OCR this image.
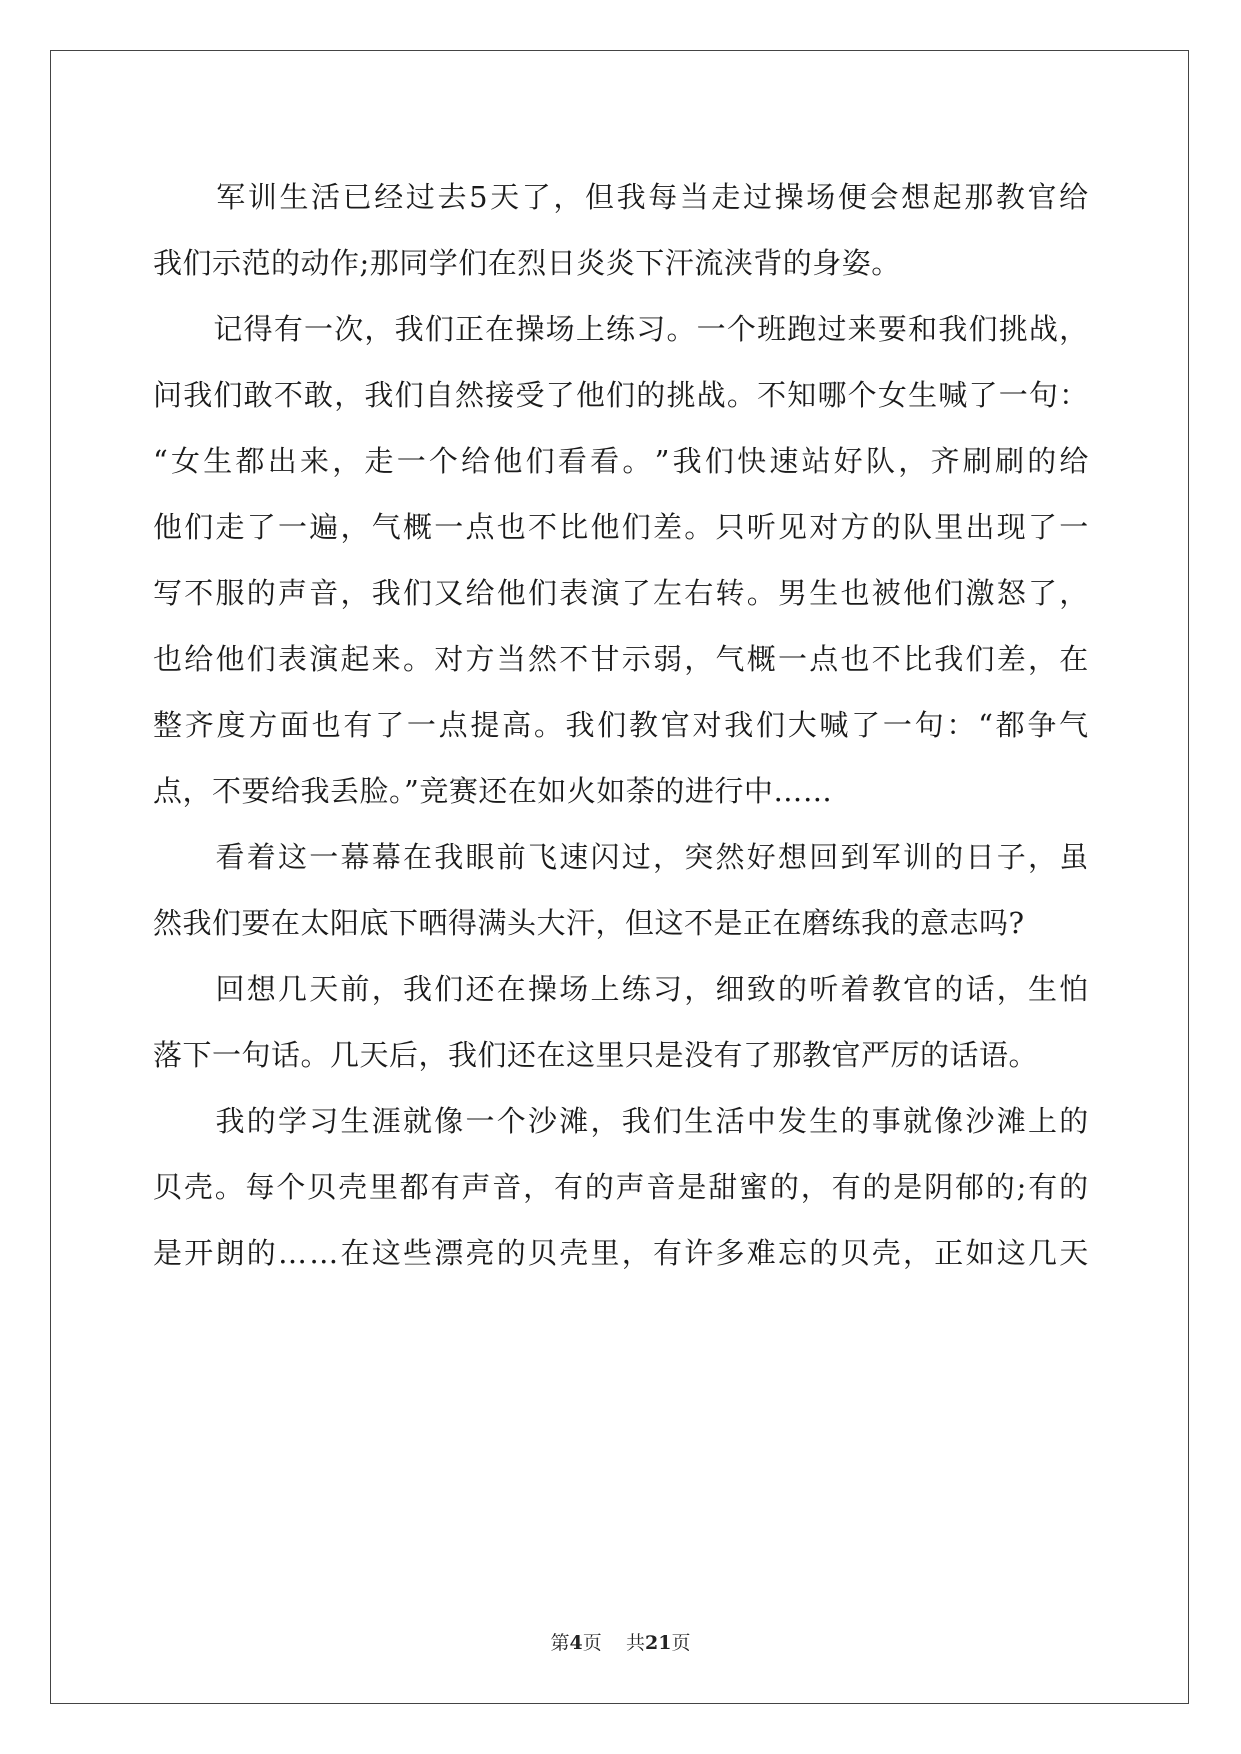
军 训 生 活 已 经 过 去 5 天 了 ， 但 我 每 当 走 过 操 场 便 会 想 起 那 教 官 给
我们示范的动作;那同学们在烈日炎炎下汗流浃背的身姿。

记 得 有 一 次 ， 我 们 正 在 操 场 上 练 习 。 一 个 班 跑 过 来 要 和 我 们 挑 战 ，
问 我 们 敢 不 敢 ， 我 们 自 然 接 受 了 他 们 的 挑 战 。 不 知 哪 个 女 生 喊 了 一 句 ：
“ 女 生 都 出 来 ， 走 一 个 给 他 们 看 看 。 ” 我 们 快 速 站 好 队 ， 齐 刷 刷 的 给
他 们 走 了 一 遍 ， 气 概 一 点 也 不 比 他 们 差 。 只 听 见 对 方 的 队 里 出 现 了 一
写 不 服 的 声 音 ， 我 们 又 给 他 们 表 演 了 左 右 转 。 男 生 也 被 他 们 激 怒 了 ，
也 给 他 们 表 演 起 来 。 对 方 当 然 不 甘 示 弱 ， 气 概 一 点 也 不 比 我 们 差 ， 在
整 齐 度 方 面 也 有 了 一 点 提 高 。 我 们 教 官 对 我 们 大 喊 了 一 句 ： “ 都 争 气
点，不要给我丢脸。”竞赛还在如火如荼的进行中……

看 着 这 一 幕 幕 在 我 眼 前 飞 速 闪 过 ， 突 然 好 想 回 到 军 训 的 日 子 ， 虽
然我们要在太阳底下晒得满头大汗，但这不是正在磨练我的意志吗?

回 想 几 天 前 ， 我 们 还 在 操 场 上 练 习 ， 细 致 的 听 着 教 官 的 话 ， 生 怕
落下一句话。几天后，我们还在这里只是没有了那教官严厉的话语。

我 的 学 习 生 涯 就 像 一 个 沙 滩 ， 我 们 生 活 中 发 生 的 事 就 像 沙 滩 上 的
贝 壳 。 每 个 贝 壳 里 都 有 声 音 ， 有 的 声 音 是 甜 蜜 的 ， 有 的 是 阴 郁 的 ; 有 的
是 开 朗 的 … … 在 这 些 漂 亮 的 贝 壳 里 ， 有 许 多 难 忘 的 贝 壳 ， 正 如 这 几 天
第4页 共21页
